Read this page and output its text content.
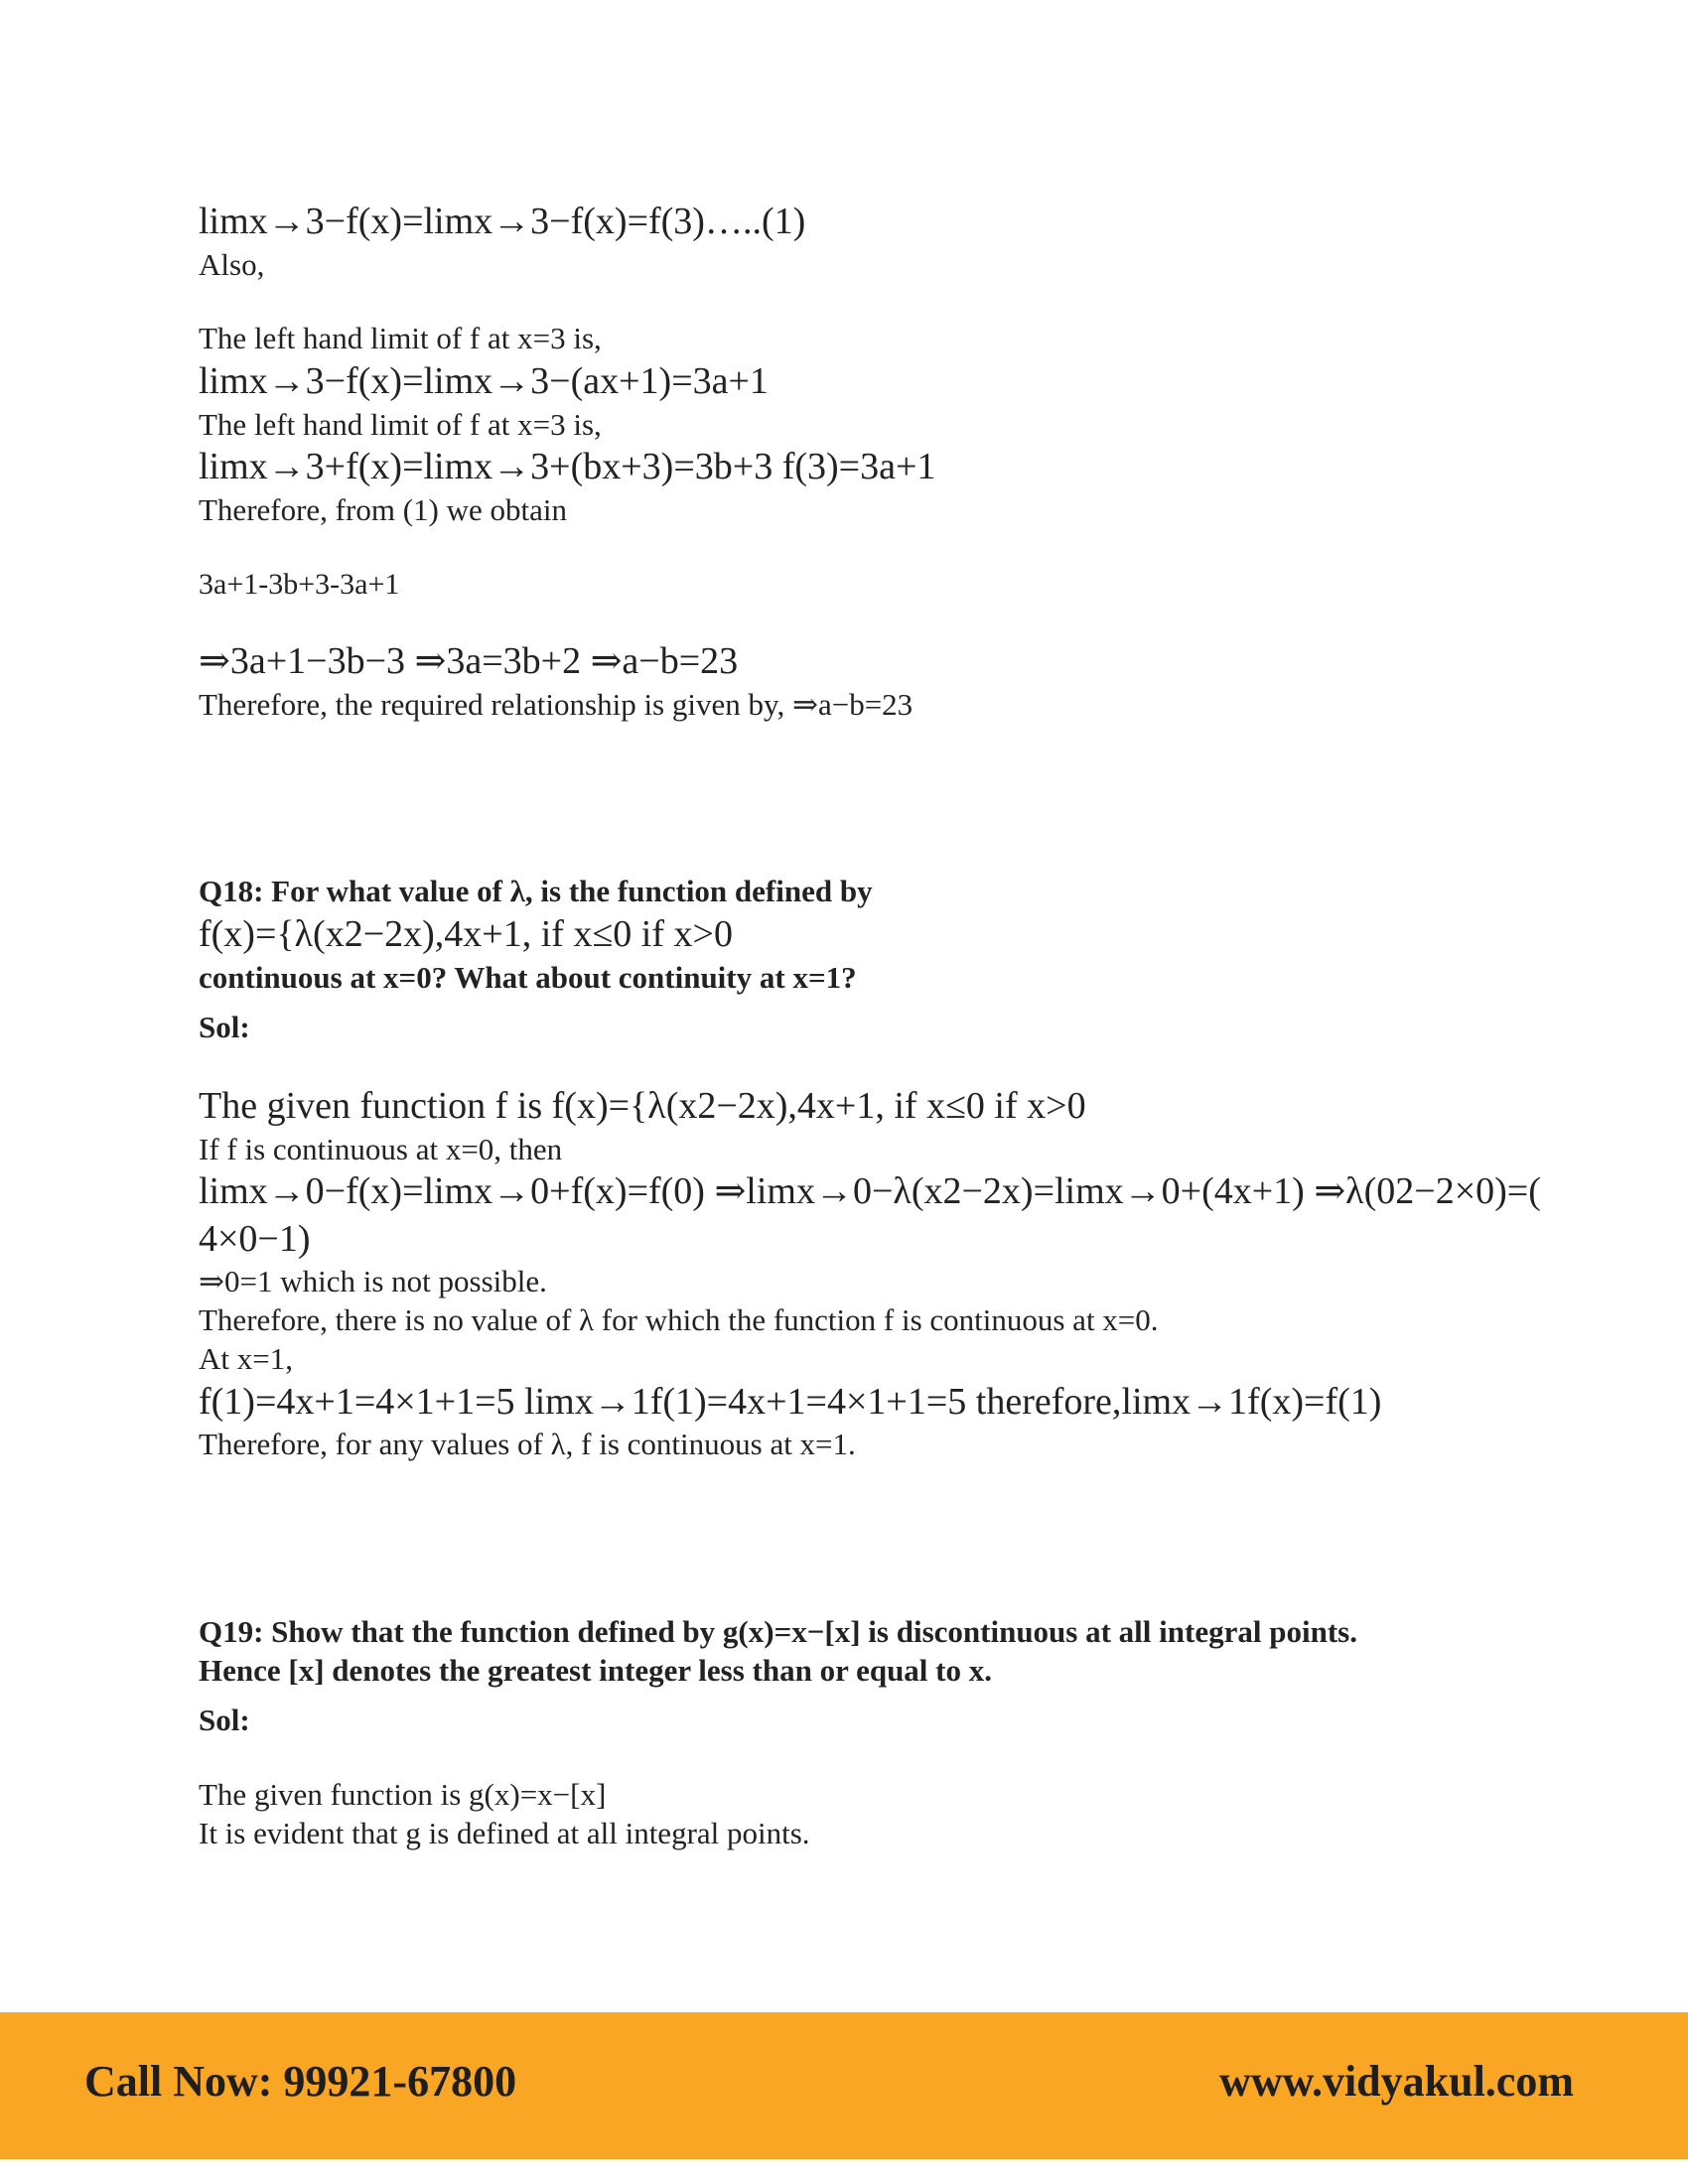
limx→3−f(x)=limx→3−f(x)=f(3)…..(1)
Also,
The left hand limit of f at x=3 is,
limx→3−f(x)=limx→3−(ax+1)=3a+1
The left hand limit of f at x=3 is,
limx→3+f(x)=limx→3+(bx+3)=3b+3 f(3)=3a+1
Therefore, from (1) we obtain
3a+1-3b+3-3a+1
⇒3a+1−3b−3 ⇒3a=3b+2 ⇒a−b=23
Therefore, the required relationship is given by, ⇒a−b=23
Q18: For what value of λ, is the function defined by
f(x)={λ(x2−2x),4x+1, if x≤0 if x>0
continuous at x=0? What about continuity at x=1?
Sol:
The given function f is f(x)={λ(x2−2x),4x+1, if x≤0 if x>0
If f is continuous at x=0, then
limx→0−f(x)=limx→0+f(x)=f(0) ⇒limx→0−λ(x2−2x)=limx→0+(4x+1) ⇒λ(02−2×0)=(
4×0−1)
⇒0=1 which is not possible.
Therefore, there is no value of λ for which the function f is continuous at x=0.
At x=1,
f(1)=4x+1=4×1+1=5 limx→1f(1)=4x+1=4×1+1=5 therefore,limx→1f(x)=f(1)
Therefore, for any values of λ, f is continuous at x=1.
Q19: Show that the function defined by g(x)=x−[x] is discontinuous at all integral points.
Hence [x] denotes the greatest integer less than or equal to x.
Sol:
The given function is g(x)=x−[x]
It is evident that g is defined at all integral points.
Call Now: 99921-67800	www.vidyakul.com
